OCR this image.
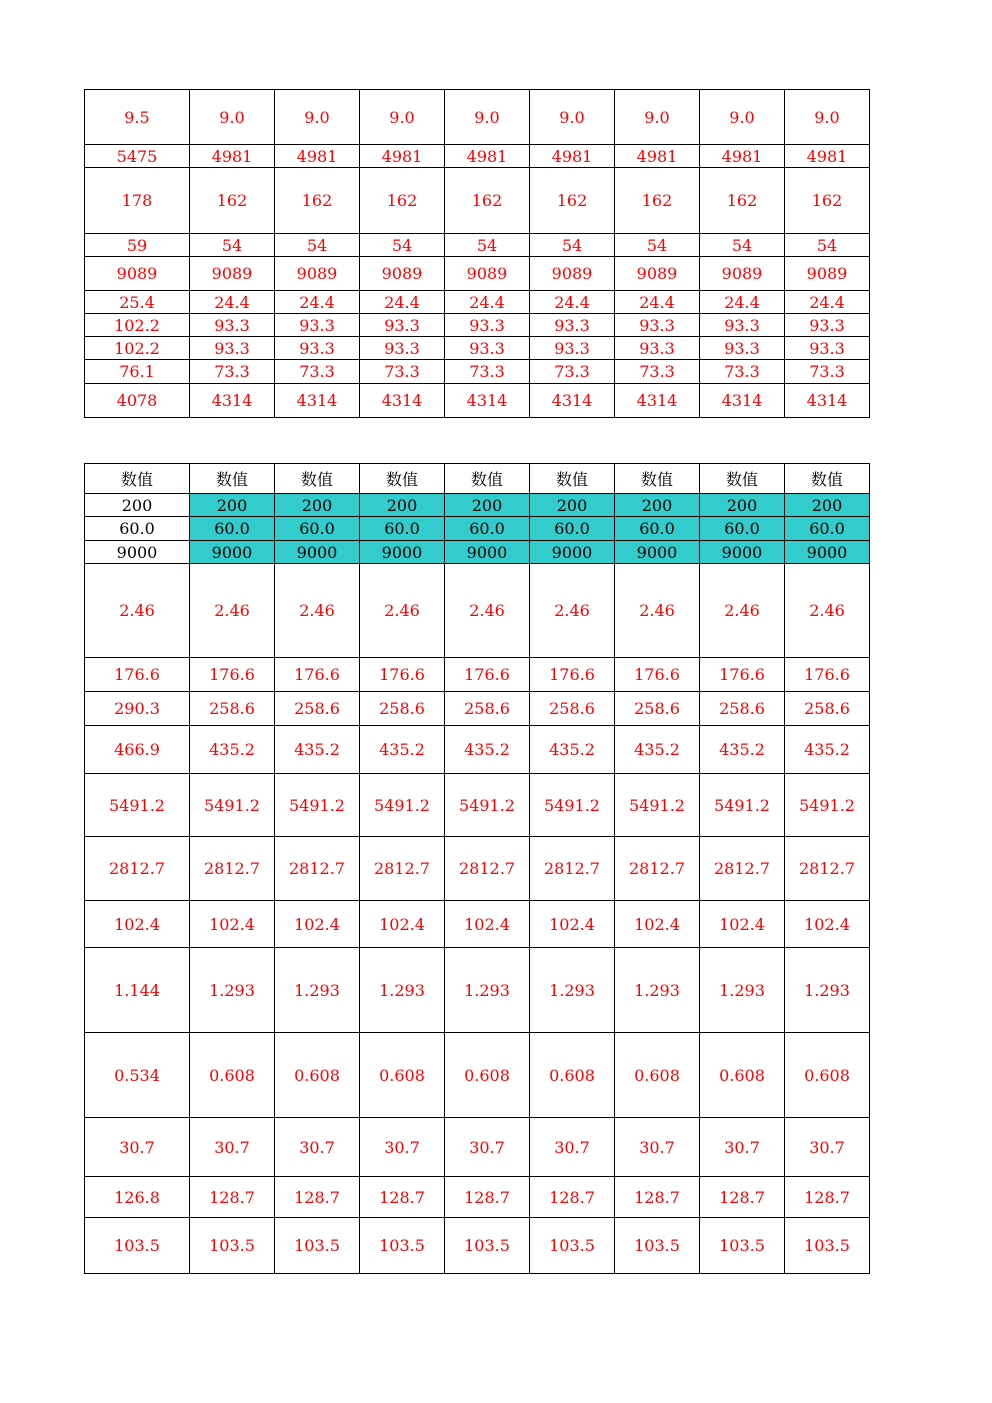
9.5	9.0	9.0	9.0	9.0	9.0	9.0	9.0	9.0
5475	4981	4981	4981	4981	4981	4981	4981	4981
178	162	162	162	162	162	162	162	162
59	54	54	54	54	54	54	54	54
9089	9089	9089	9089	9089	9089	9089	9089	9089
25.4	24.4	24.4	24.4	24.4	24.4	24.4	24.4	24.4
102.2	93.3	93.3	93.3	93.3	93.3	93.3	93.3	93.3
102.2	93.3	93.3	93.3	93.3	93.3	93.3	93.3	93.3
76.1	73.3	73.3	73.3	73.3	73.3	73.3	73.3	73.3
4078	4314	4314	4314	4314	4314	4314	4314	4314
数值	数值	数值	数值	数值	数值	数值	数值	数值
200	200	200	200	200	200	200	200	200
60.0	60.0	60.0	60.0	60.0	60.0	60.0	60.0	60.0
9000	9000	9000	9000	9000	9000	9000	9000	9000
2.46	2.46	2.46	2.46	2.46	2.46	2.46	2.46	2.46
176.6	176.6	176.6	176.6	176.6	176.6	176.6	176.6	176.6
290.3	258.6	258.6	258.6	258.6	258.6	258.6	258.6	258.6
466.9	435.2	435.2	435.2	435.2	435.2	435.2	435.2	435.2
5491.2	5491.2	5491.2	5491.2	5491.2	5491.2	5491.2	5491.2	5491.2
2812.7	2812.7	2812.7	2812.7	2812.7	2812.7	2812.7	2812.7	2812.7
102.4	102.4	102.4	102.4	102.4	102.4	102.4	102.4	102.4
1.144	1.293	1.293	1.293	1.293	1.293	1.293	1.293	1.293
0.534	0.608	0.608	0.608	0.608	0.608	0.608	0.608	0.608
30.7	30.7	30.7	30.7	30.7	30.7	30.7	30.7	30.7
126.8	128.7	128.7	128.7	128.7	128.7	128.7	128.7	128.7
103.5	103.5	103.5	103.5	103.5	103.5	103.5	103.5	103.5
